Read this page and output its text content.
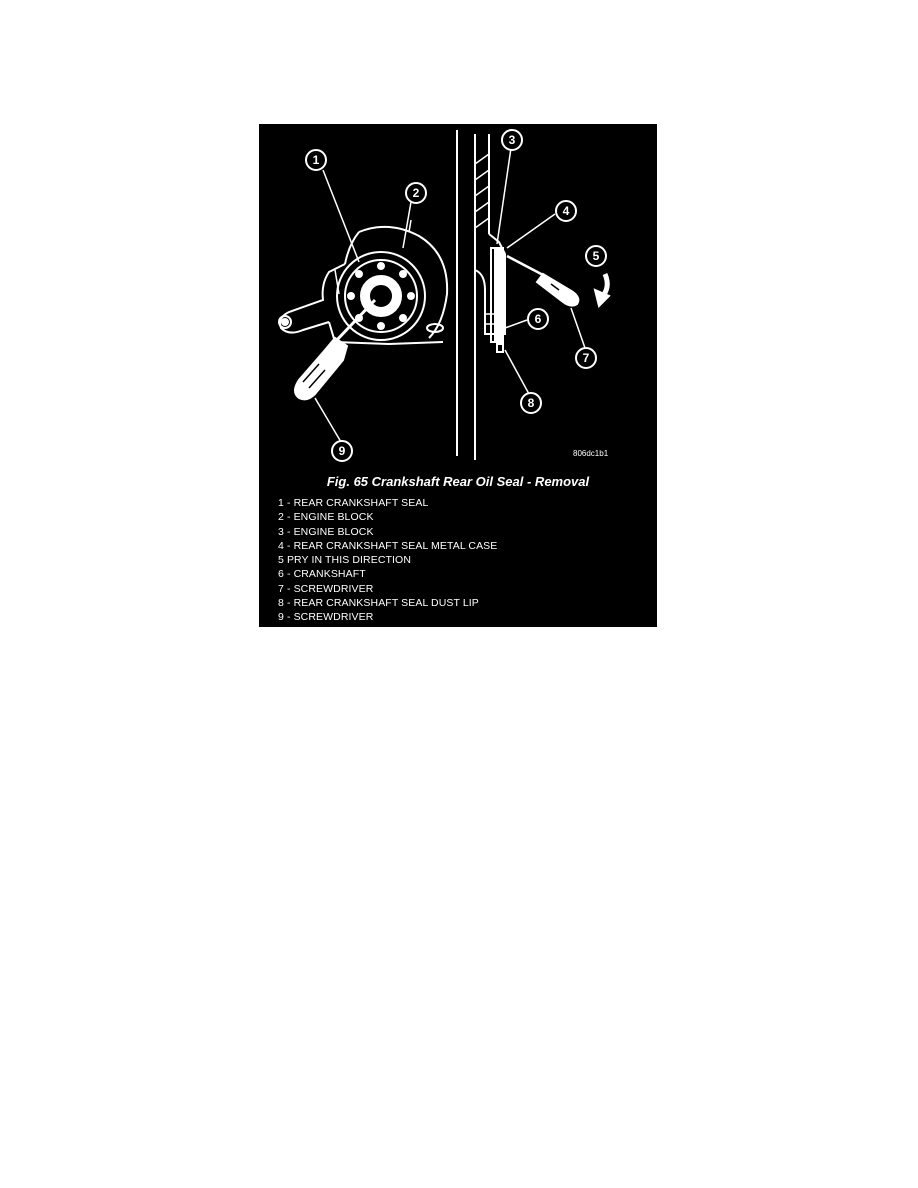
1
2
3
4
5
6
7
8
9	806dc1b1
Fig. 65 Crankshaft Rear Oil Seal - Removal
1 - REAR CRANKSHAFT SEAL
2 - ENGINE BLOCK
3 - ENGINE BLOCK
4 - REAR CRANKSHAFT SEAL METAL CASE
5 PRY IN THIS DIRECTION
6 - CRANKSHAFT
7 - SCREWDRIVER
8 - REAR CRANKSHAFT SEAL DUST LIP
9 - SCREWDRIVER
